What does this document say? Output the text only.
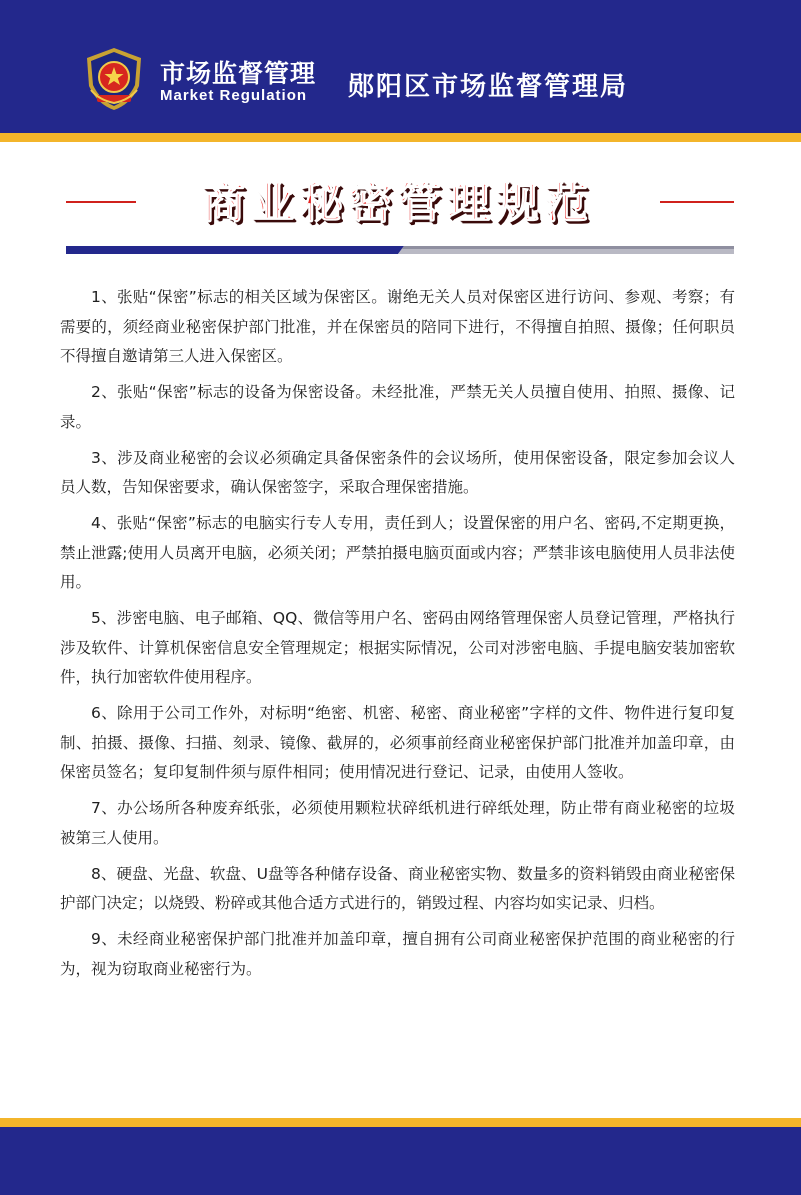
市场监督管理
Market Regulation 郧阳区市场监督管理局
商业秘密管理规范

1、张贴“保密”标志的相关区域为保密区。谢绝无关人员对保密区进行访问、参观、考察；有需要的，须经商业秘密保护部门批准，并在保密员的陪同下进行，不得擅自拍照、摄像；任何职员不得擅自邀请第三人进入保密区。

2、张贴“保密”标志的设备为保密设备。未经批准，严禁无关人员擅自使用、拍照、摄像、记录。

3、涉及商业秘密的会议必须确定具备保密条件的会议场所，使用保密设备，限定参加会议人员人数，告知保密要求，确认保密签字，采取合理保密措施。

4、张贴“保密”标志的电脑实行专人专用，责任到人；设置保密的用户名、密码,不定期更换，禁止泄露;使用人员离开电脑，必须关闭；严禁拍摄电脑页面或内容；严禁非该电脑使用人员非法使用。

5、涉密电脑、电子邮箱、QQ、微信等用户名、密码由网络管理保密人员登记管理，严格执行涉及软件、计算机保密信息安全管理规定；根据实际情况，公司对涉密电脑、手提电脑安装加密软件，执行加密软件使用程序。

6、除用于公司工作外，对标明“绝密、机密、秘密、商业秘密”字样的文件、物件进行复印复制、拍摄、摄像、扫描、刻录、镜像、截屏的，必须事前经商业秘密保护部门批准并加盖印章，由保密员签名；复印复制件须与原件相同；使用情况进行登记、记录，由使用人签收。

7、办公场所各种废弃纸张，必须使用颗粒状碎纸机进行碎纸处理，防止带有商业秘密的垃圾被第三人使用。

8、硬盘、光盘、软盘、U盘等各种储存设备、商业秘密实物、数量多的资料销毁由商业秘密保护部门决定；以烧毁、粉碎或其他合适方式进行的，销毁过程、内容均如实记录、归档。

9、未经商业秘密保护部门批准并加盖印章，擅自拥有公司商业秘密保护范围的商业秘密的行为，视为窃取商业秘密行为。
